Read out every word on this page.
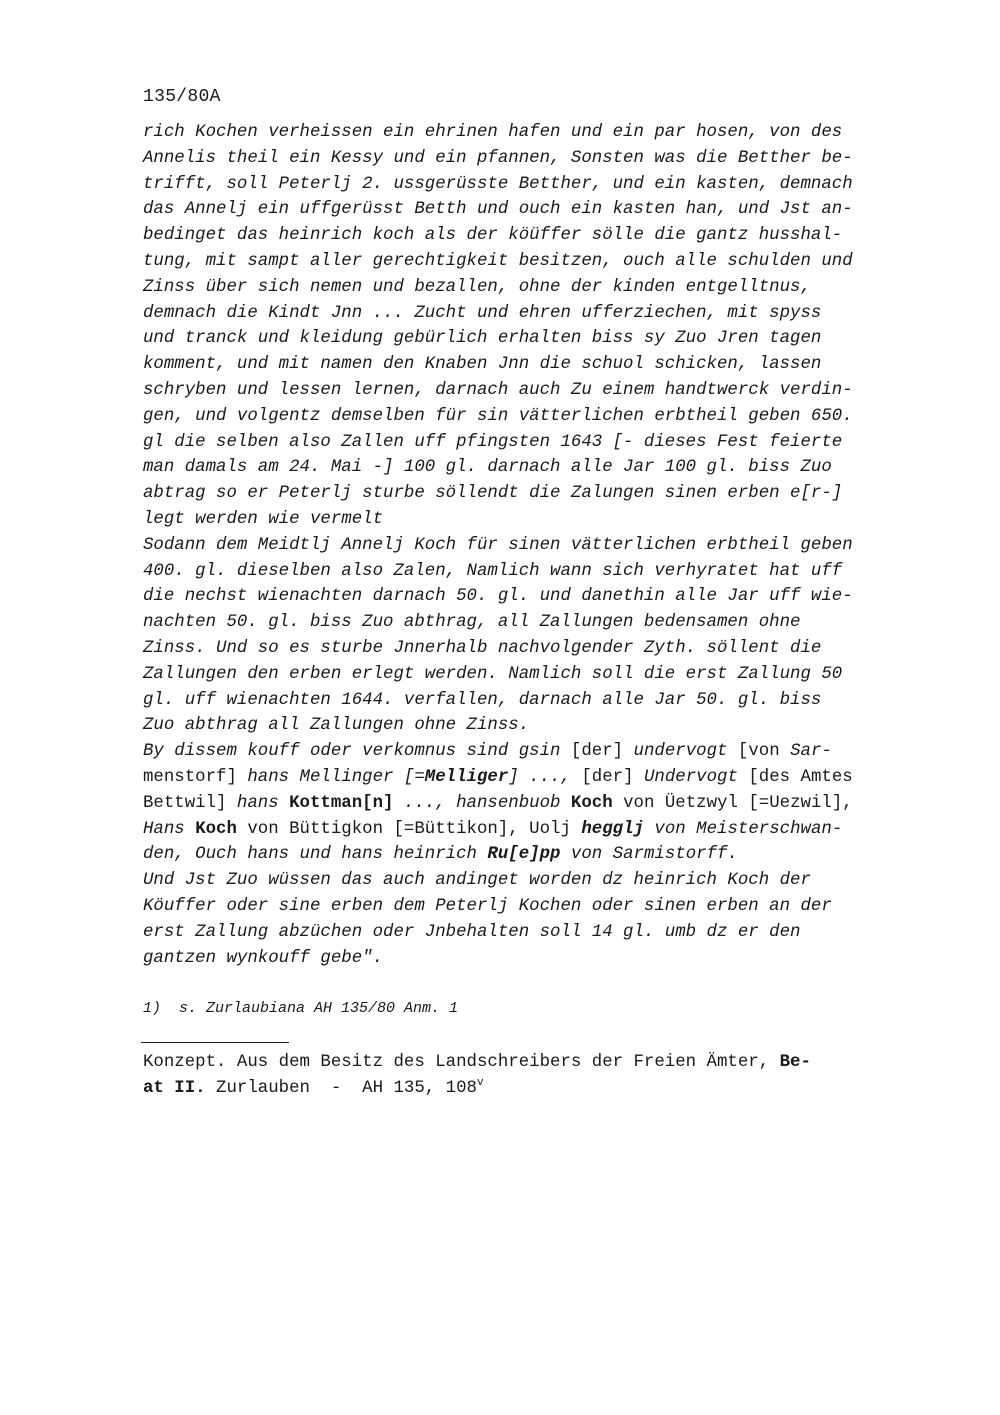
135/80A
rich Kochen verheissen ein ehrinen hafen und ein par hosen, von des
Annelis theil ein Kessy und ein pfannen, Sonsten was die Betther be-
trifft, soll Peterlj 2. ussgerüsste Betther, und ein kasten, demnach
das Annelj ein uffgerüsst Betth und ouch ein kasten han, und Jst an-
bedinget das heinrich koch als der köüffer sölle die gantz husshal-
tung, mit sampt aller gerechtigkeit besitzen, ouch alle schulden und
Zinss über sich nemen und bezallen, ohne der kinden entgelltnus,
demnach die Kindt Jnn ... Zucht und ehren ufferziechen, mit spyss
und tranck und kleidung gebürlich erhalten biss sy Zuo Jren tagen
komment, und mit namen den Knaben Jnn die schuol schicken, lassen
schryben und lessen lernen, darnach auch Zu einem handtwerck verdin-
gen, und volgentz demselben für sin vätterlichen erbtheil geben 650.
gl die selben also Zallen uff pfingsten 1643 [- dieses Fest feierte
man damals am 24. Mai -] 100 gl. darnach alle Jar 100 gl. biss Zuo
abtrag so er Peterlj sturbe söllendt die Zalungen sinen erben e[r-]
legt werden wie vermelt
Sodann dem Meidtlj Annelj Koch für sinen vätterlichen erbtheil geben
400. gl. dieselben also Zalen, Namlich wann sich verhyratet hat uff
die nechst wienachten darnach 50. gl. und danethin alle Jar uff wie-
nachten 50. gl. biss Zuo abthrag, all Zallungen bedensamen ohne
Zinss. Und so es sturbe Jnnerhalb nachvolgender Zyth. söllent die
Zallungen den erben erlegt werden. Namlich soll die erst Zallung 50
gl. uff wienachten 1644. verfallen, darnach alle Jar 50. gl. biss
Zuo abthrag all Zallungen ohne Zinss.
By dissem kouff oder verkomnus sind gsin [der] undervogt [von Sar-
menstorf] hans Mellinger [=Melliger] ..., [der] Undervogt [des Amtes
Bettwil] hans Kottman[n] ..., hansenbuob Koch von Üetzwyl [=Uezwil],
Hans Koch von Büttigkon [=Büttikon], Uolj hegglj von Meisterschwan-
den, Ouch hans und hans heinrich Ru[e]pp von Sarmistorff.
Und Jst Zuo wüssen das auch andinget worden dz heinrich Koch der
Köuffer oder sine erben dem Peterlj Kochen oder sinen erben an der
erst Zallung abzüchen oder Jnbehalten soll 14 gl. umb dz er den
gantzen wynkouff gebe".
1)  s. Zurlaubiana AH 135/80 Anm. 1
Konzept. Aus dem Besitz des Landschreibers der Freien Ämter, Be-
at II. Zurlauben  -  AH 135, 108$^v$
